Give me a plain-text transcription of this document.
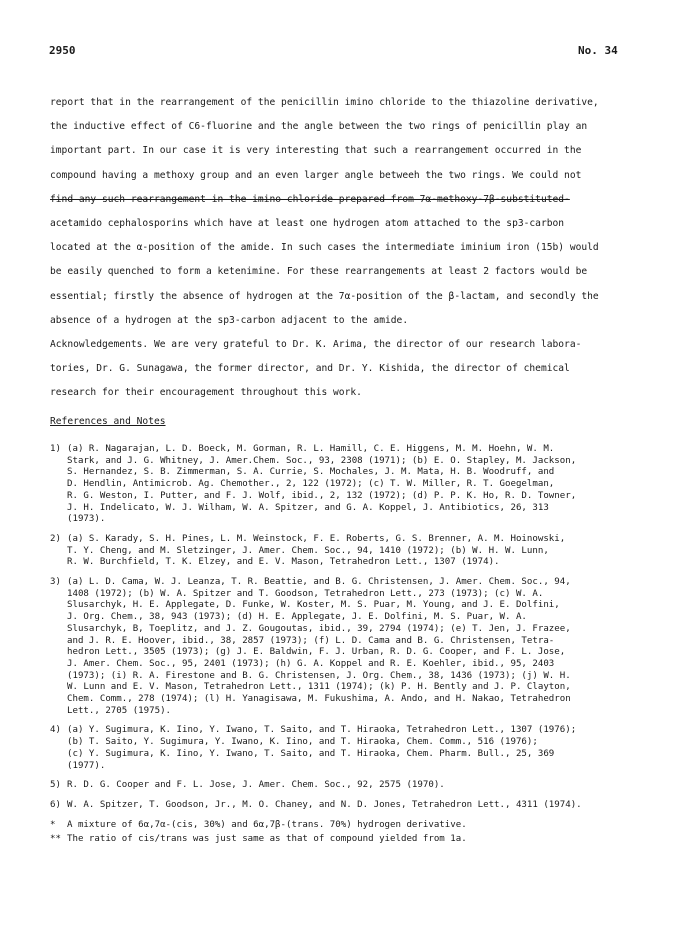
2950	No. 34

report that in the rearrangement of the penicillin imino chloride to the thiazoline derivative,

the inductive effect of C6-fluorine and the angle between the two rings of penicillin play an

important part. In our case it is very interesting that such a rearrangement occurred in the

compound having a methoxy group and an even larger angle betweeh the two rings. We could not

find any such rearrangement in the imino chloride prepared from 7α-methoxy-7β-substituted-

acetamido cephalosporins which have at least one hydrogen atom attached to the sp3-carbon

located at the α-position of the amide. In such cases the intermediate iminium iron (15b) would

be easily quenched to form a ketenimine. For these rearrangements at least 2 factors would be

essential; firstly the absence of hydrogen at the 7α-position of the β-lactam, and secondly the

absence of a hydrogen at the sp3-carbon adjacent to the amide.

Acknowledgements. We are very grateful to Dr. K. Arima, the director of our research labora-

tories, Dr. G. Sunagawa, the former director, and Dr. Y. Kishida, the director of chemical

research for their encouragement throughout this work.

References and Notes

1) (a) R. Nagarajan, L. D. Boeck, M. Gorman, R. L. Hamill, C. E. Higgens, M. M. Hoehn, W. M.
Stark, and J. G. Whitney, J. Amer.Chem. Soc., 93, 2308 (1971); (b) E. O. Stapley, M. Jackson,
S. Hernandez, S. B. Zimmerman, S. A. Currie, S. Mochales, J. M. Mata, H. B. Woodruff, and
D. Hendlin, Antimicrob. Ag. Chemother., 2, 122 (1972); (c) T. W. Miller, R. T. Goegelman,
R. G. Weston, I. Putter, and F. J. Wolf, ibid., 2, 132 (1972); (d) P. P. K. Ho, R. D. Towner,
J. H. Indelicato, W. J. Wilham, W. A. Spitzer, and G. A. Koppel, J. Antibiotics, 26, 313
(1973).
2) (a) S. Karady, S. H. Pines, L. M. Weinstock, F. E. Roberts, G. S. Brenner, A. M. Hoinowski,
T. Y. Cheng, and M. Sletzinger, J. Amer. Chem. Soc., 94, 1410 (1972); (b) W. H. W. Lunn,
R. W. Burchfield, T. K. Elzey, and E. V. Mason, Tetrahedron Lett., 1307 (1974).
3) (a) L. D. Cama, W. J. Leanza, T. R. Beattie, and B. G. Christensen, J. Amer. Chem. Soc., 94,
1408 (1972); (b) W. A. Spitzer and T. Goodson, Tetrahedron Lett., 273 (1973); (c) W. A.
Slusarchyk, H. E. Applegate, D. Funke, W. Koster, M. S. Puar, M. Young, and J. E. Dolfini,
J. Org. Chem., 38, 943 (1973); (d) H. E. Applegate, J. E. Dolfini, M. S. Puar, W. A.
Slusarchyk, B, Toeplitz, and J. Z. Gougoutas, ibid., 39, 2794 (1974); (e) T. Jen, J. Frazee,
and J. R. E. Hoover, ibid., 38, 2857 (1973); (f) L. D. Cama and B. G. Christensen, Tetra-
hedron Lett., 3505 (1973); (g) J. E. Baldwin, F. J. Urban, R. D. G. Cooper, and F. L. Jose,
J. Amer. Chem. Soc., 95, 2401 (1973); (h) G. A. Koppel and R. E. Koehler, ibid., 95, 2403
(1973); (i) R. A. Firestone and B. G. Christensen, J. Org. Chem., 38, 1436 (1973); (j) W. H.
W. Lunn and E. V. Mason, Tetrahedron Lett., 1311 (1974); (k) P. H. Bently and J. P. Clayton,
Chem. Comm., 278 (1974); (l) H. Yanagisawa, M. Fukushima, A. Ando, and H. Nakao, Tetrahedron
Lett., 2705 (1975).
4) (a) Y. Sugimura, K. Iino, Y. Iwano, T. Saito, and T. Hiraoka, Tetrahedron Lett., 1307 (1976);
(b) T. Saito, Y. Sugimura, Y. Iwano, K. Iino, and T. Hiraoka, Chem. Comm., 516 (1976);
(c) Y. Sugimura, K. Iino, Y. Iwano, T. Saito, and T. Hiraoka, Chem. Pharm. Bull., 25, 369
(1977).
5) R. D. G. Cooper and F. L. Jose, J. Amer. Chem. Soc., 92, 2575 (1970).
6) W. A. Spitzer, T. Goodson, Jr., M. O. Chaney, and N. D. Jones, Tetrahedron Lett., 4311 (1974).
*	A mixture of 6α,7α-(cis, 30%) and 6α,7β-(trans. 70%) hydrogen derivative.
** The ratio of cis/trans was just same as that of compound yielded from 1a.
